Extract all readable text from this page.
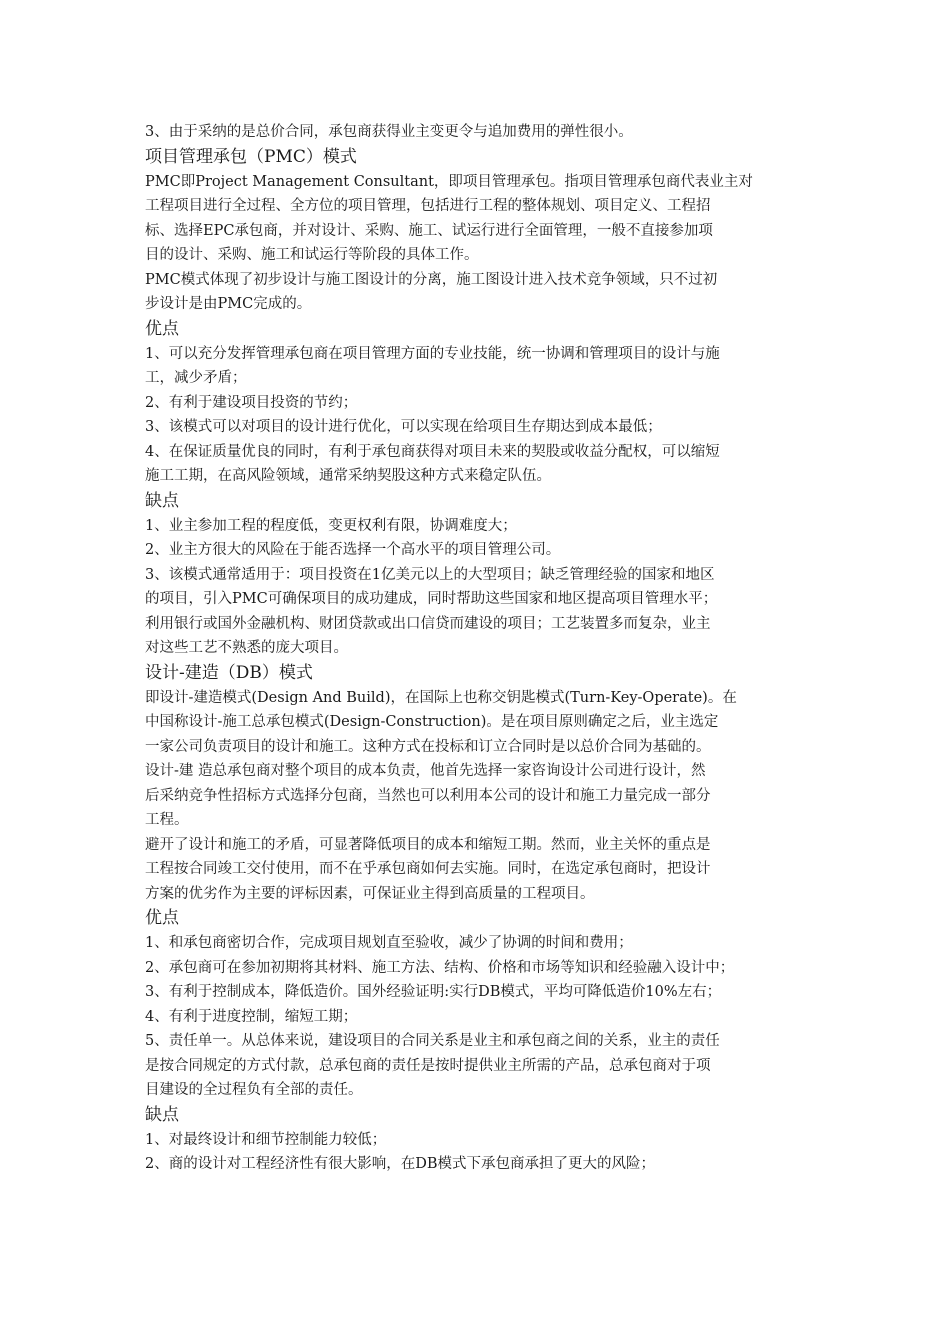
3、由于采纳的是总价合同，承包商获得业主变更令与追加费用的弹性很小。
项目管理承包（PMC）模式
PMC即Project Management Consultant，即项目管理承包。指项目管理承包商代表业主对
工程项目进行全过程、全方位的项目管理，包括进行工程的整体规划、项目定义、工程招
标、选择EPC承包商，并对设计、采购、施工、试运行进行全面管理，一般不直接参加项
目的设计、采购、施工和试运行等阶段的具体工作。
PMC模式体现了初步设计与施工图设计的分离，施工图设计进入技术竞争领域，只不过初
步设计是由PMC完成的。
优点
1、可以充分发挥管理承包商在项目管理方面的专业技能，统一协调和管理项目的设计与施
工，减少矛盾；
2、有利于建设项目投资的节约；
3、该模式可以对项目的设计进行优化，可以实现在给项目生存期达到成本最低；
4、在保证质量优良的同时，有利于承包商获得对项目未来的契股或收益分配权，可以缩短
施工工期，在高风险领域，通常采纳契股这种方式来稳定队伍。
缺点
1、业主参加工程的程度低，变更权利有限，协调难度大；
2、业主方很大的风险在于能否选择一个高水平的项目管理公司。
3、该模式通常适用于：项目投资在1亿美元以上的大型项目；缺乏管理经验的国家和地区
的项目，引入PMC可确保项目的成功建成，同时帮助这些国家和地区提高项目管理水平；
利用银行或国外金融机构、财团贷款或出口信贷而建设的项目；工艺装置多而复杂，业主
对这些工艺不熟悉的庞大项目。
设计-建造（DB）模式
即设计-建造模式(Design And Build)，在国际上也称交钥匙模式(Turn-Key-Operate)。在
中国称设计-施工总承包模式(Design-Construction)。是在项目原则确定之后，业主选定
一家公司负责项目的设计和施工。这种方式在投标和订立合同时是以总价合同为基础的。
设计-建 造总承包商对整个项目的成本负责，他首先选择一家咨询设计公司进行设计，然
后采纳竞争性招标方式选择分包商，当然也可以利用本公司的设计和施工力量完成一部分
工程。
避开了设计和施工的矛盾，可显著降低项目的成本和缩短工期。然而，业主关怀的重点是
工程按合同竣工交付使用，而不在乎承包商如何去实施。同时，在选定承包商时，把设计
方案的优劣作为主要的评标因素，可保证业主得到高质量的工程项目。
优点
1、和承包商密切合作，完成项目规划直至验收，减少了协调的时间和费用；
2、承包商可在参加初期将其材料、施工方法、结构、价格和市场等知识和经验融入设计中；
3、有利于控制成本，降低造价。国外经验证明:实行DB模式，平均可降低造价10%左右；
4、有利于进度控制，缩短工期；
5、责任单一。从总体来说，建设项目的合同关系是业主和承包商之间的关系，业主的责任
是按合同规定的方式付款，总承包商的责任是按时提供业主所需的产品，总承包商对于项
目建设的全过程负有全部的责任。
缺点
1、对最终设计和细节控制能力较低；
2、商的设计对工程经济性有很大影响，在DB模式下承包商承担了更大的风险；
